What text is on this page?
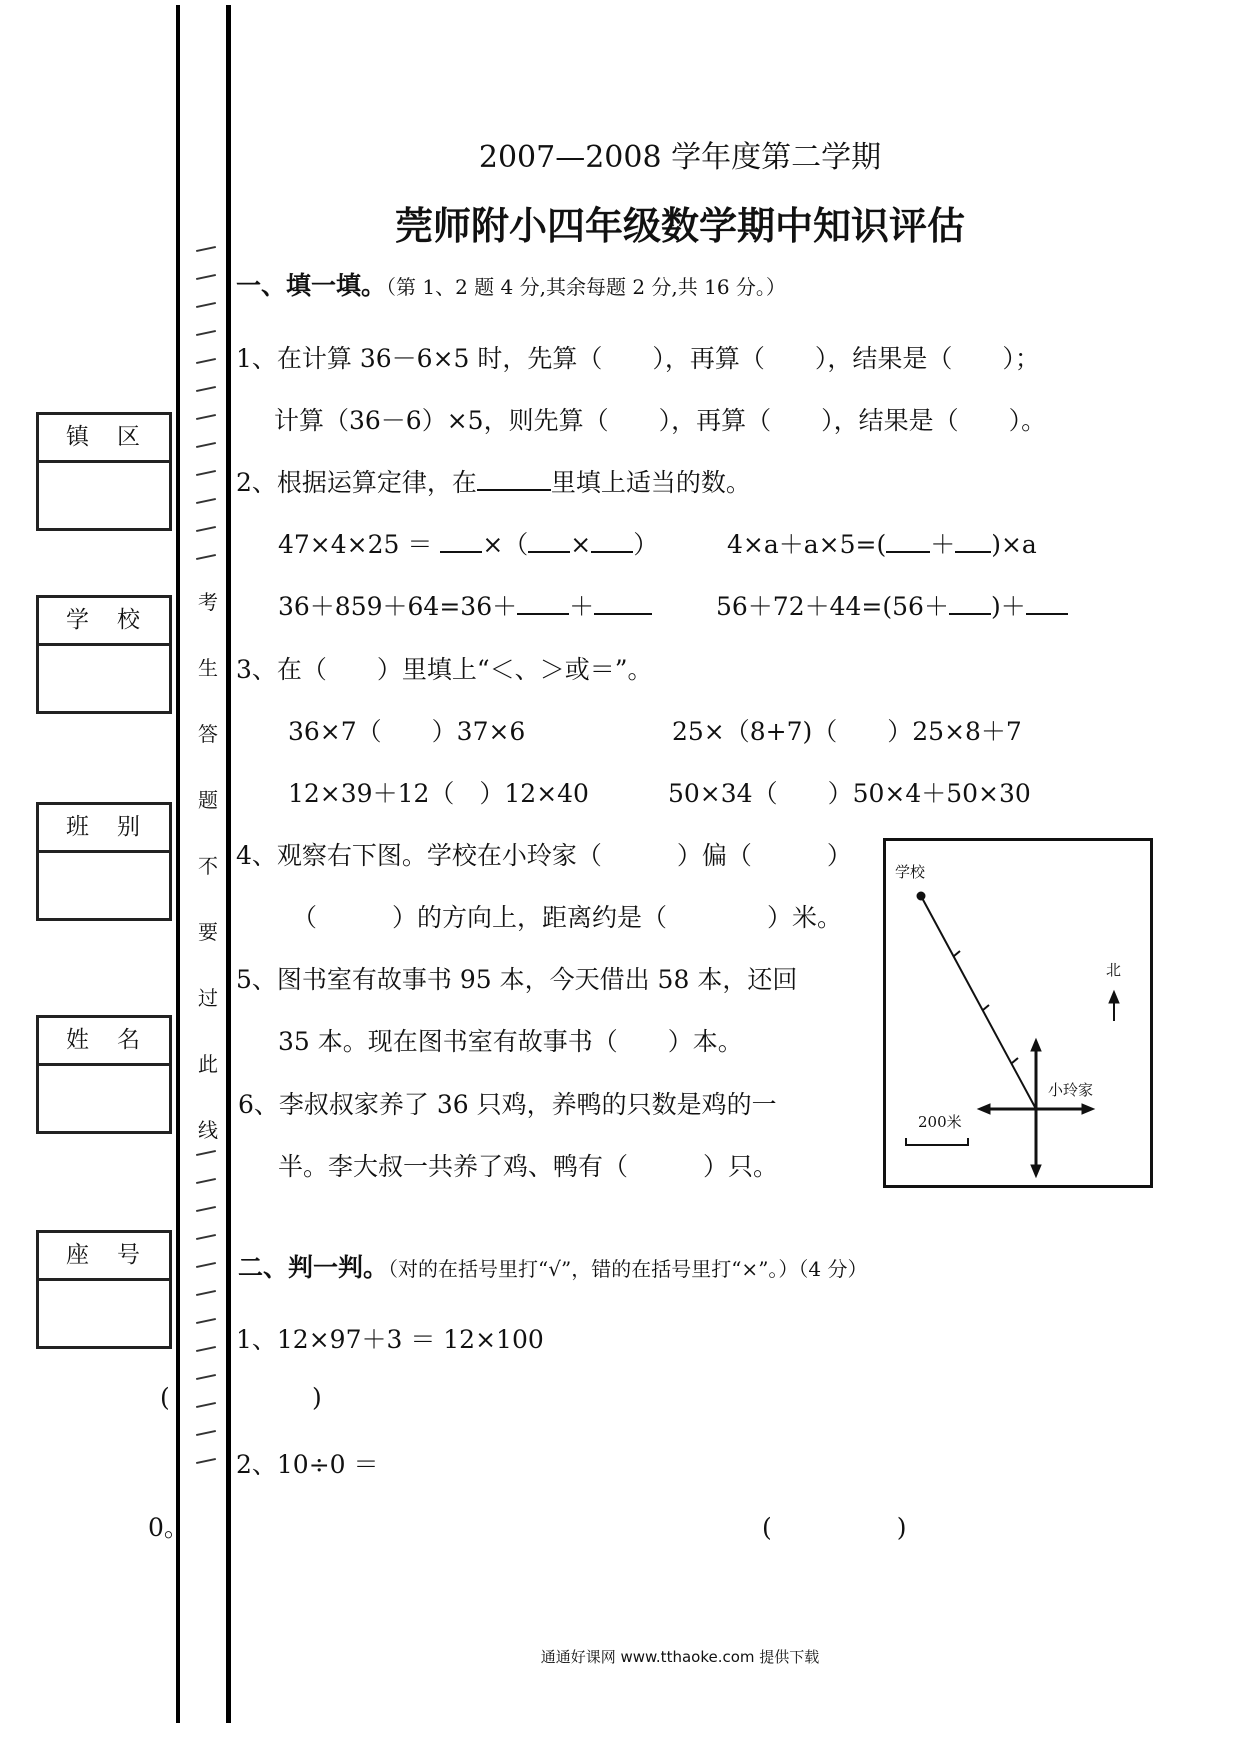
考
生
答
题
不
要
过
此
线
镇区
学校
班别
姓名
座号
(
0。
2007—2008 学年度第二学期
莞师附小四年级数学期中知识评估
一、填一填。（第 1、2 题 4 分,其余每题 2 分,共 16 分。）
1、在计算 36－6×5 时，先算（　　），再算（　　），结果是（　　）；
计算（36－6）×5，则先算（　　），再算（　　），结果是（　　）。
2、根据运算定律，在	里填上适当的数。
47×4×25 ＝ ×（ × ）	4×a＋a×5=( ＋ )×a
36＋859＋64=36＋ ＋	56＋72＋44=(56＋ )＋
3、在（　　）里填上“＜、＞或＝”。
36×7（　　）37×6	25×（8+7)（　　）25×8＋7
12×39＋12（　）12×40	50×34（　　）50×4＋50×30
4、观察右下图。学校在小玲家（　　　）偏（　　　）
（　　　）的方向上，距离约是（　　　　）米。
5、图书室有故事书 95 本，今天借出 58 本，还回
35 本。现在图书室有故事书（　　）本。
6、李叔叔家养了 36 只鸡，养鸭的只数是鸡的一
半。李大叔一共养了鸡、鸭有（　　　）只。
学校
北
小玲家
200米
二、判一判。（对的在括号里打“√”，错的在括号里打“×”。）（4 分）
1、12×97＋3 ＝ 12×100
)
2、10÷0 ＝
(　　　　　)
通通好课网 www.tthaoke.com 提供下载
